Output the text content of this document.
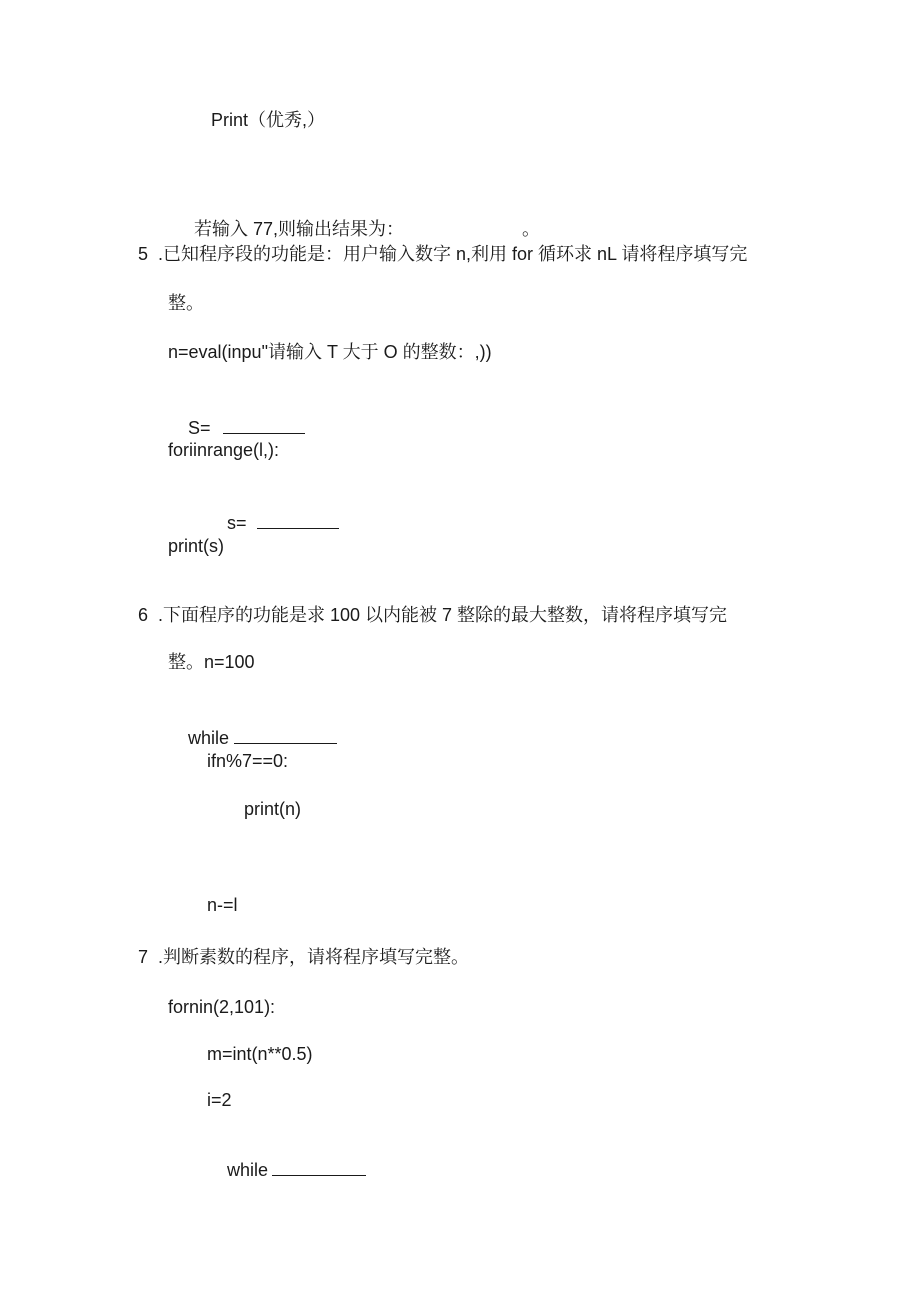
Print（优秀,）

若输入 77,则输出结果为：	。

5 .已知程序段的功能是：用户输入数字 n,利用 for 循环求 nL 请将程序填写完
整。
n=eval(inpu"请输入 T 大于 O 的整数：,))

S=

foriinrange(l,):

s=

print(s)
6 .下面程序的功能是求 100 以内能被 7 整除的最大整数，请将程序填写完
整。n=100

while

ifn%7==0:
print(n)
n-=l
7 .判断素数的程序，请将程序填写完整。
fornin(2,101):
m=int(n**0.5)
i=2

while
